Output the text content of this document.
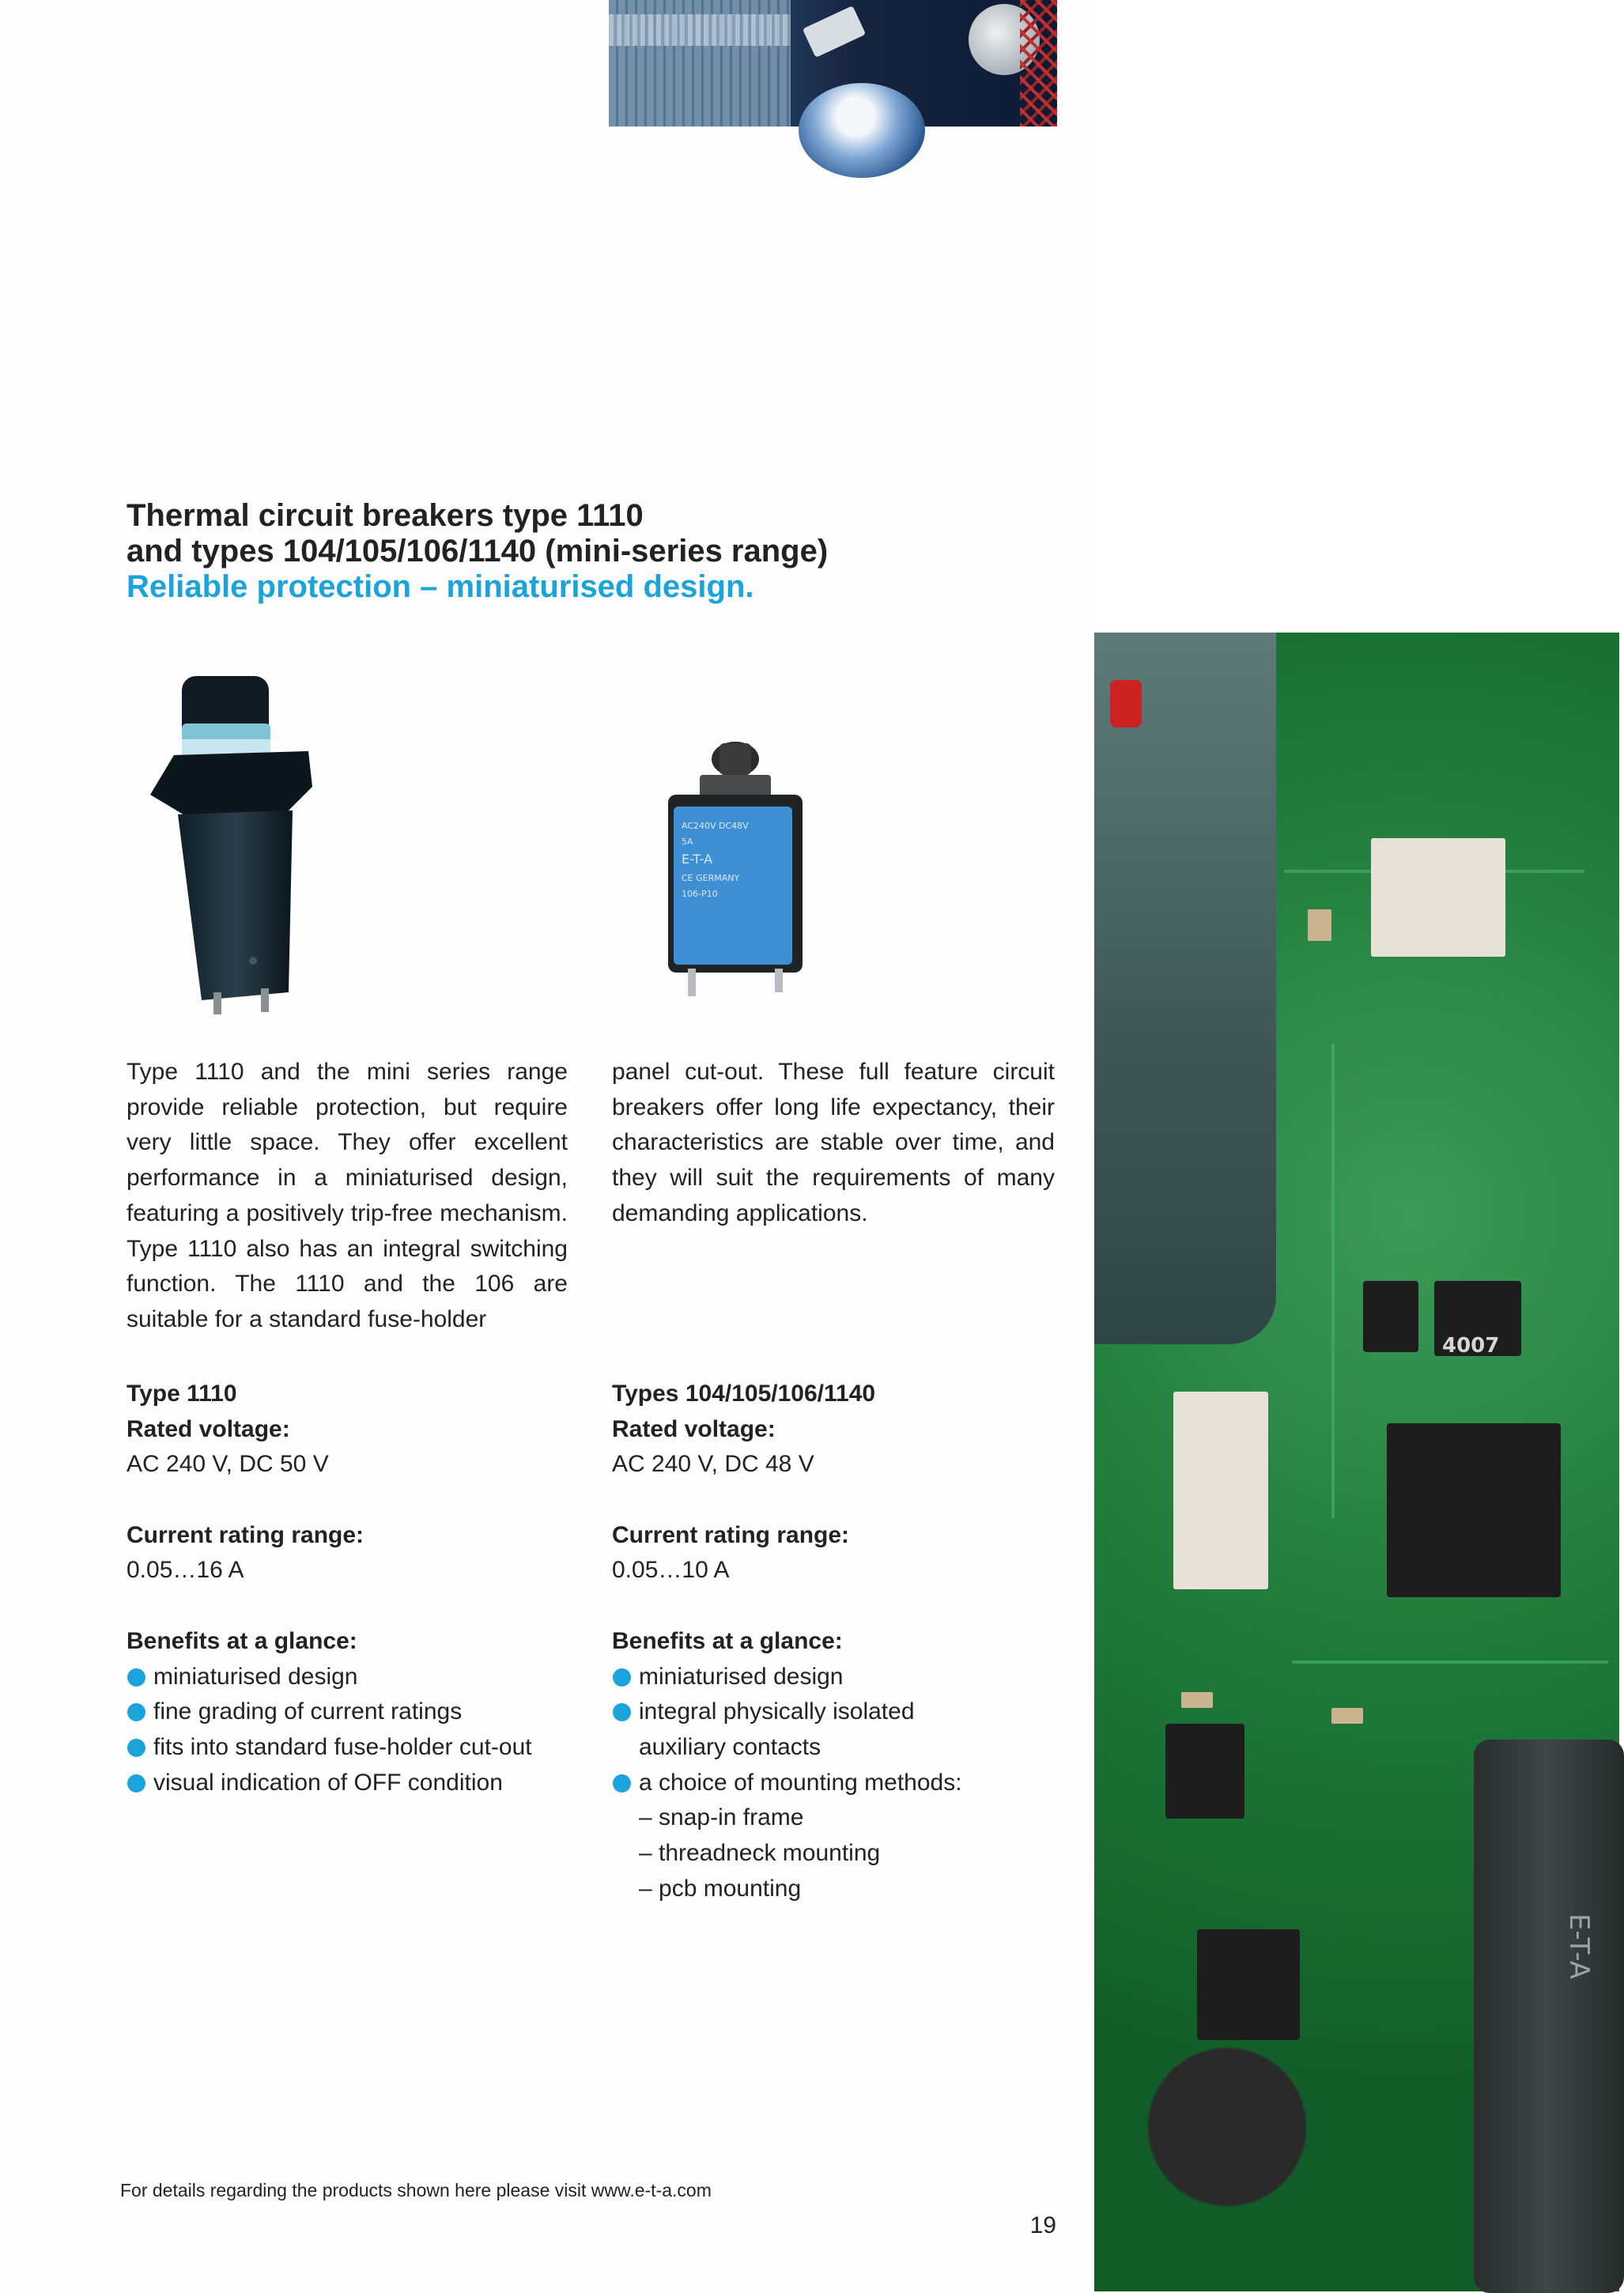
Thermal circuit breakers type 1110
and types 104/105/106/1140 (mini-series range)
Reliable protection – miniaturised design.
AC240V DC48V
5A
E-T-A
CE GERMANY
106-P10

Type 1110 and the mini series range provide reliable protection, but require very little space. They offer excellent performance in a miniaturised design, featuring a positively trip-free mechanism. Type 1110 also has an integral switching function. The 1110 and the 106 are suitable for a standard fuse-holder

panel cut-out. These full feature circuit breakers offer long life expectancy, their characteristics are stable over time, and they will suit the requirements of many demanding applications.

Type 1110
Rated voltage:
AC 240 V, DC 50 V
Current rating range:
0.05…16 A
Benefits at a glance:
miniaturised design
fine grading of current ratings
fits into standard fuse-holder cut-out
visual indication of OFF condition
Types 104/105/106/1140
Rated voltage:
AC 240 V, DC 48 V
Current rating range:
0.05…10 A
Benefits at a glance:
miniaturised design
integral physically isolated
auxiliary contacts
a choice of mounting methods:
– snap-in frame
– threadneck mounting
– pcb mounting
4007
E-T-A
For details regarding the products shown here please visit www.e-t-a.com
19
